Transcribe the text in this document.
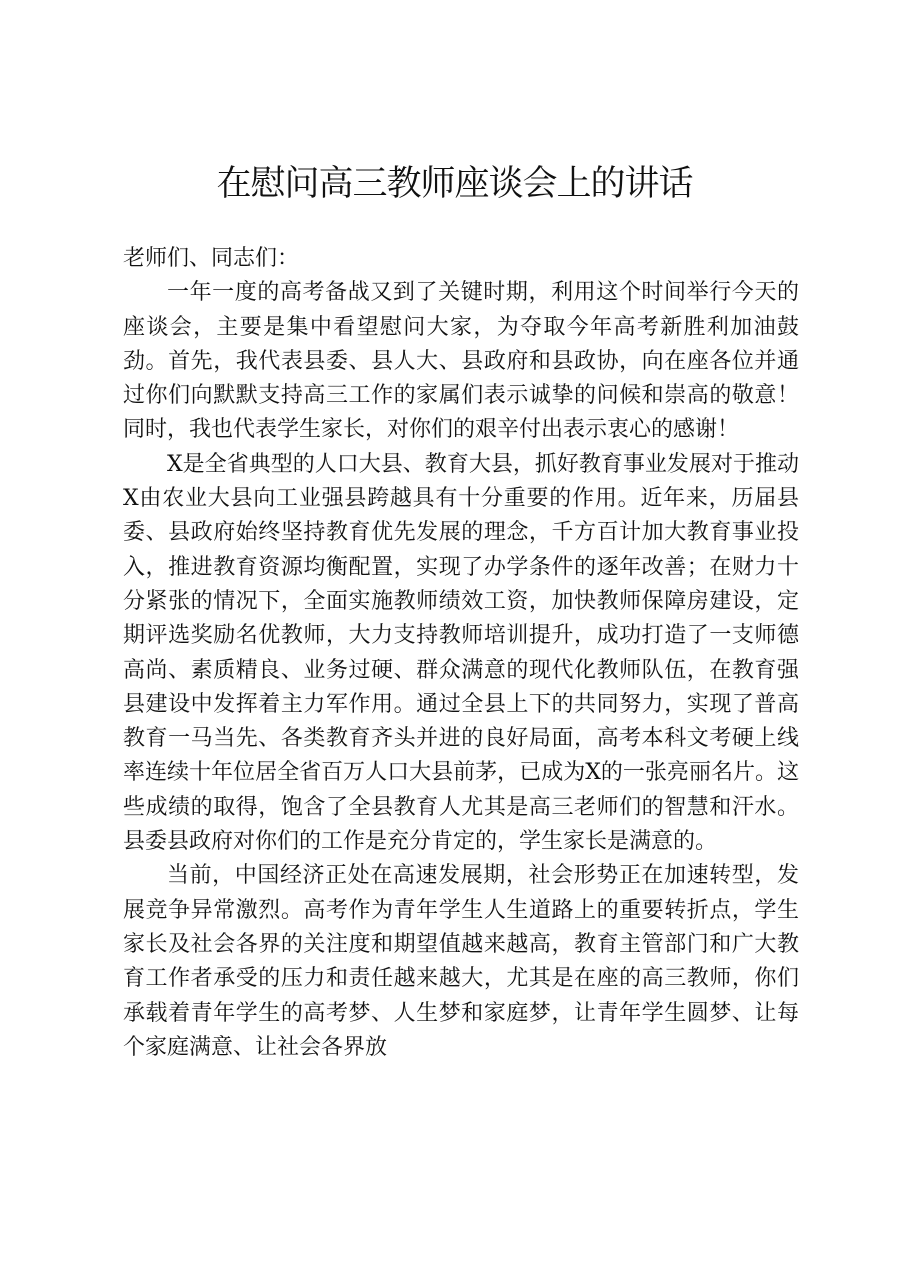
在慰问高三教师座谈会上的讲话

老师们、同志们：

一年一度的高考备战又到了关键时期，利用这个时间举行今天的座谈会，主要是集中看望慰问大家，为夺取今年高考新胜利加油鼓劲。首先，我代表县委、县人大、县政府和县政协，向在座各位并通过你们向默默支持高三工作的家属们表示诚挚的问候和崇高的敬意！同时，我也代表学生家长，对你们的艰辛付出表示衷心的感谢！

X是全省典型的人口大县、教育大县，抓好教育事业发展对于推动X由农业大县向工业强县跨越具有十分重要的作用。近年来，历届县委、县政府始终坚持教育优先发展的理念，千方百计加大教育事业投入，推进教育资源均衡配置，实现了办学条件的逐年改善；在财力十分紧张的情况下，全面实施教师绩效工资，加快教师保障房建设，定期评选奖励名优教师，大力支持教师培训提升，成功打造了一支师德高尚、素质精良、业务过硬、群众满意的现代化教师队伍，在教育强县建设中发挥着主力军作用。通过全县上下的共同努力，实现了普高教育一马当先、各类教育齐头并进的良好局面，高考本科文考硬上线率连续十年位居全省百万人口大县前茅，已成为X的一张亮丽名片。这些成绩的取得，饱含了全县教育人尤其是高三老师们的智慧和汗水。县委县政府对你们的工作是充分肯定的，学生家长是满意的。

当前，中国经济正处在高速发展期，社会形势正在加速转型，发展竞争异常激烈。高考作为青年学生人生道路上的重要转折点，学生家长及社会各界的关注度和期望值越来越高，教育主管部门和广大教育工作者承受的压力和责任越来越大，尤其是在座的高三教师，你们承载着青年学生的高考梦、人生梦和家庭梦，让青年学生圆梦、让每个家庭满意、让社会各界放
